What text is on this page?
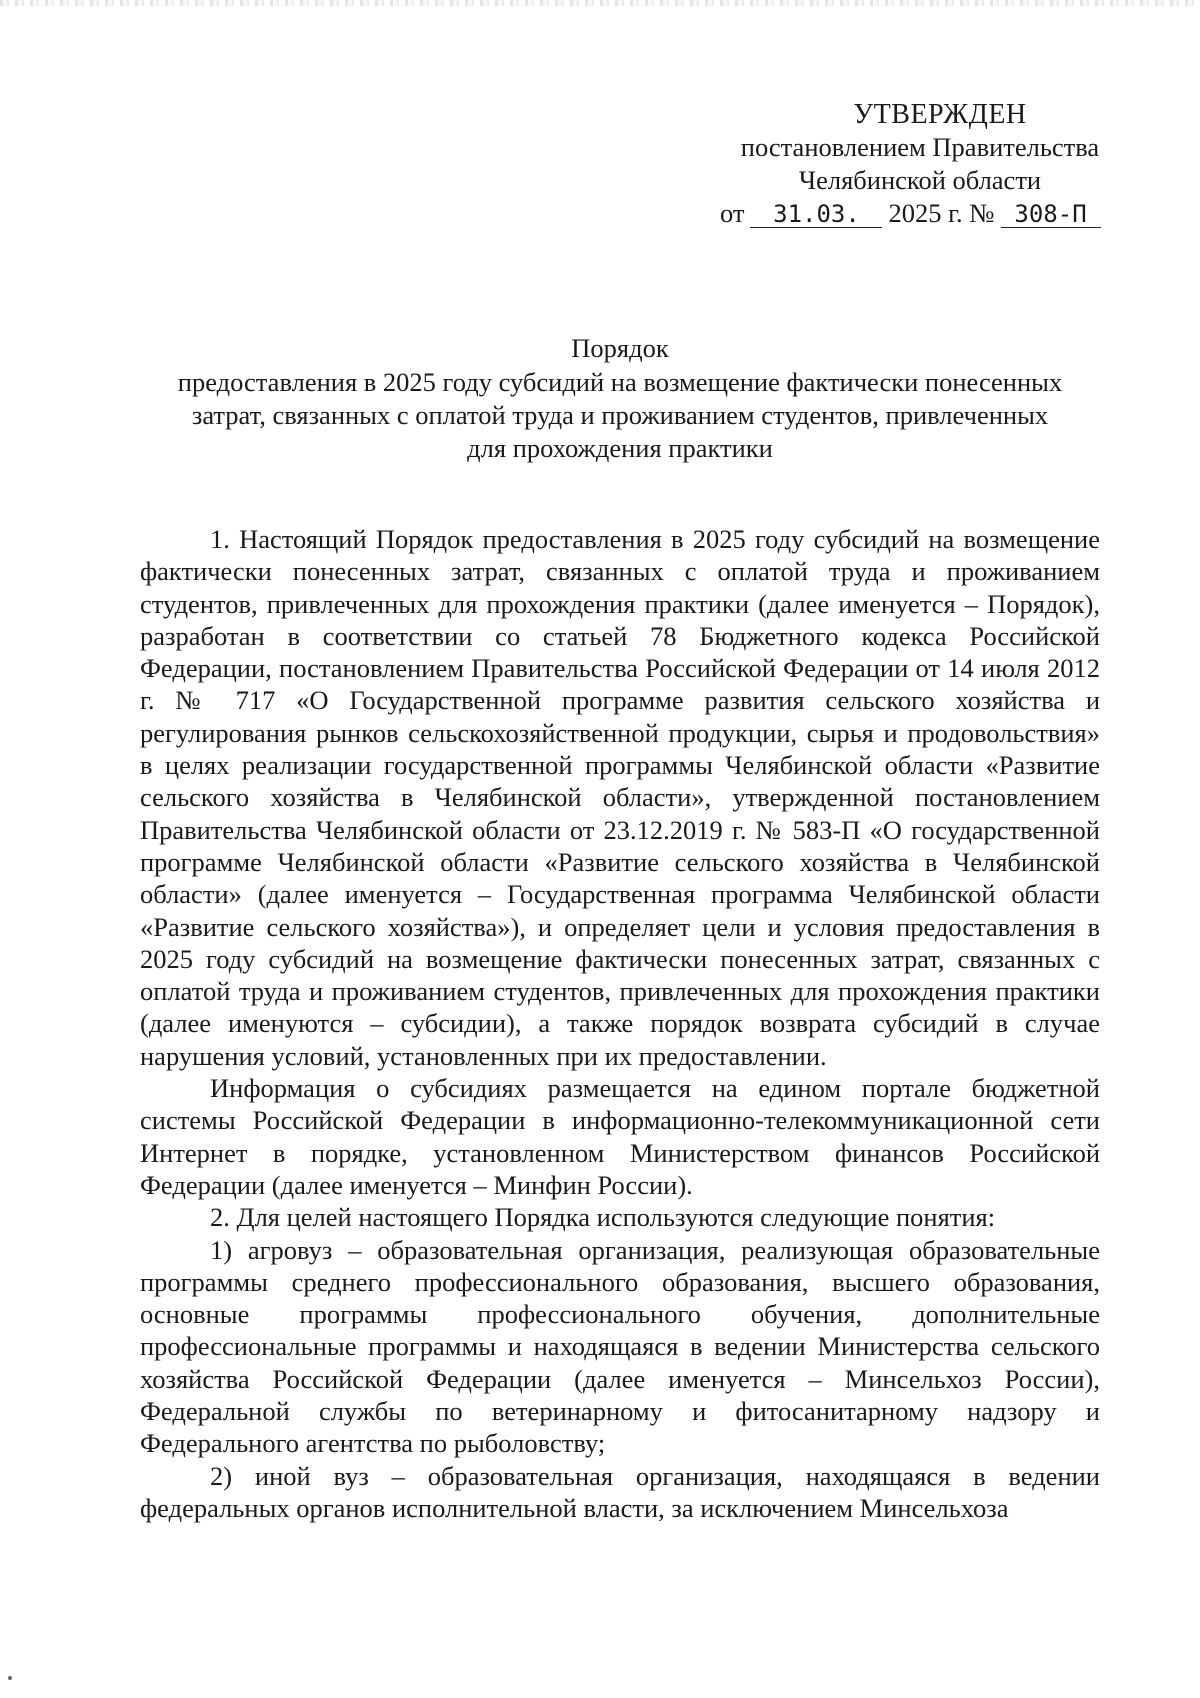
УТВЕРЖДЕН
постановлением Правительства
Челябинской области
от 31.03. 2025 г. № 308-П
Порядок
предоставления в 2025 году субсидий на возмещение фактически понесенных
затрат, связанных с оплатой труда и проживанием студентов, привлеченных
для прохождения практики

1. Настоящий Порядок предоставления в 2025 году субсидий на возмещение фактически понесенных затрат, связанных с оплатой труда и проживанием студентов, привлеченных для прохождения практики (далее именуется – Порядок), разработан в соответствии со статьей 78 Бюджетного кодекса Российской Федерации, постановлением Правительства Российской Федерации от 14 июля 2012 г. № 717 «О Государственной программе развития сельского хозяйства и регулирования рынков сельскохозяйственной продукции, сырья и продовольствия» в целях реализации государственной программы Челябинской области «Развитие сельского хозяйства в Челябинской области», утвержденной постановлением Правительства Челябинской области от 23.12.2019 г. № 583-П «О государственной программе Челябинской области «Развитие сельского хозяйства в Челябинской области» (далее именуется – Государственная программа Челябинской области «Развитие сельского хозяйства»), и определяет цели и условия предоставления в 2025 году субсидий на возмещение фактически понесенных затрат, связанных с оплатой труда и проживанием студентов, привлеченных для прохождения практики (далее именуются – субсидии), а также порядок возврата субсидий в случае нарушения условий, установленных при их предоставлении.

Информация о субсидиях размещается на едином портале бюджетной системы Российской Федерации в информационно-телекоммуникационной сети Интернет в порядке, установленном Министерством финансов Российской Федерации (далее именуется – Минфин России).

2. Для целей настоящего Порядка используются следующие понятия:

1) агровуз – образовательная организация, реализующая образовательные программы среднего профессионального образования, высшего образования, основные программы профессионального обучения, дополнительные профессиональные программы и находящаяся в ведении Министерства сельского хозяйства Российской Федерации (далее именуется – Минсельхоз России), Федеральной службы по ветеринарному и фитосанитарному надзору и Федерального агентства по рыболовству;

2) иной вуз – образовательная организация, находящаяся в ведении федеральных органов исполнительной власти, за исключением Минсельхоза
